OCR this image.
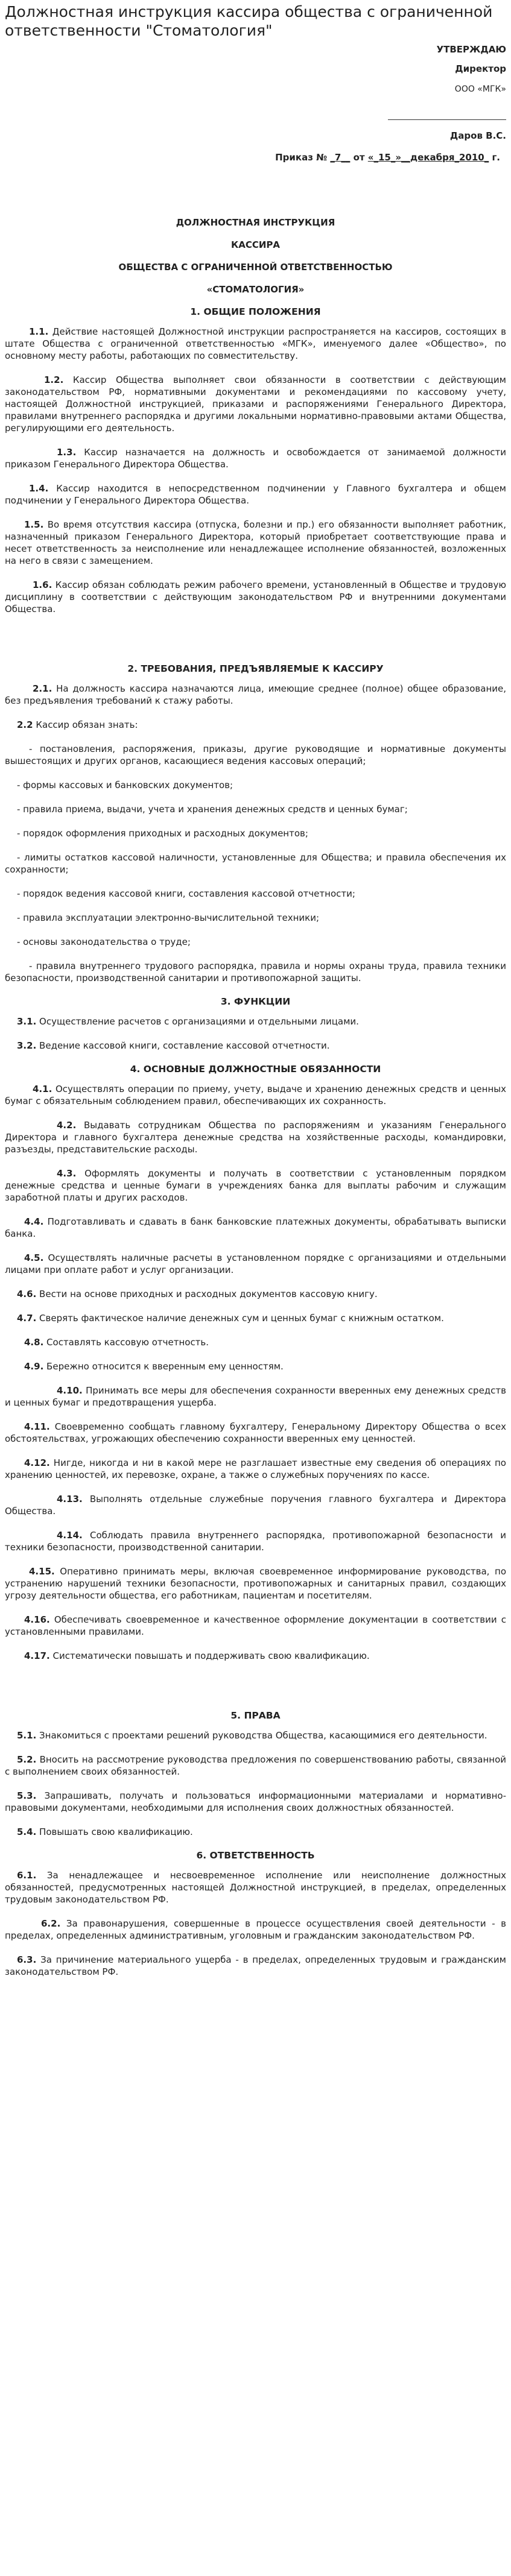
Должностная инструкция кассира общества с ограниченной ответственности "Стоматология"
УТВЕРЖДАЮ
Директор
ООО «МГК»
Даров В.С.
Приказ № _7__ от «_15_»__декабря_2010_ г.

ДОЛЖНОСТНАЯ ИНСТРУКЦИЯ

КАССИРА

ОБЩЕСТВА С ОГРАНИЧЕННОЙ ОТВЕТСТВЕННОСТЬЮ

«СТОМАТОЛОГИЯ»

1. ОБЩИЕ ПОЛОЖЕНИЯ

1.1. Действие настоящей Должностной инструкции распространяется на кассиров, состоящих в штате Общества с ограниченной ответственностью «МГК», именуемого далее «Общество», по основному месту работы, работающих по совместительству.

1.2. Кассир Общества выполняет свои обязанности в соответствии с действующим законодательством РФ, нормативными документами и рекомендациями по кассовому учету, настоящей Должностной инструкцией, приказами и распоряжениями Генерального Директора, правилами внутреннего распорядка и другими локальными нормативно-правовыми актами Общества, регулирующими его деятельность.

1.3. Кассир назначается на должность и освобождается от занимаемой должности приказом Генерального Директора Общества.

1.4. Кассир находится в непосредственном подчинении у Главного бухгалтера и общем подчинении у Генерального Директора Общества.

1.5. Во время отсутствия кассира (отпуска, болезни и пр.) его обязанности выполняет работник, назначенный приказом Генерального Директора, который приобретает соответствующие права и несет ответственность за неисполнение или ненадлежащее исполнение обязанностей, возложенных на него в связи с замещением.

1.6. Кассир обязан соблюдать режим рабочего времени, установленный в Обществе и трудовую дисциплину в соответствии с действующим законодательством РФ и внутренними документами Общества.

2. ТРЕБОВАНИЯ, ПРЕДЪЯВЛЯЕМЫЕ К КАССИРУ

2.1. На должность кассира назначаются лица, имеющие среднее (полное) общее образование, без предъявления требований к стажу работы.

2.2 Кассир обязан знать:

- постановления, распоряжения, приказы, другие руководящие и нормативные документы вышестоящих и других органов, касающиеся ведения кассовых операций;

- формы кассовых и банковских документов;

- правила приема, выдачи, учета и хранения денежных средств и ценных бумаг;

- порядок оформления приходных и расходных документов;

- лимиты остатков кассовой наличности, установленные для Общества; и правила обеспечения их сохранности;

- порядок ведения кассовой книги, составления кассовой отчетности;

- правила эксплуатации электронно-вычислительной техники;

- основы законодательства о труде;

- правила внутреннего трудового распорядка, правила и нормы охраны труда, правила техники безопасности, производственной санитарии и противопожарной защиты.

3. ФУНКЦИИ

3.1. Осуществление расчетов с организациями и отдельными лицами.

3.2. Ведение кассовой книги, составление кассовой отчетности.

4. ОСНОВНЫЕ ДОЛЖНОСТНЫЕ ОБЯЗАННОСТИ

4.1. Осуществлять операции по приему, учету, выдаче и хранению денежных средств и ценных бумаг с обязательным соблюдением правил, обеспечивающих их сохранность.

4.2. Выдавать сотрудникам Общества по распоряжениям и указаниям Генерального Директора и главного бухгалтера денежные средства на хозяйственные расходы, командировки, разъезды, представительские расходы.

4.3. Оформлять документы и получать в соответствии с установленным порядком денежные средства и ценные бумаги в учреждениях банка для выплаты рабочим и служащим заработной платы и других расходов.

4.4. Подготавливать и сдавать в банк банковские платежных документы, обрабатывать выписки банка.

4.5. Осуществлять наличные расчеты в установленном порядке с организациями и отдельными лицами при оплате работ и услуг организации.

4.6. Вести на основе приходных и расходных документов кассовую книгу.

4.7. Сверять фактическое наличие денежных сум и ценных бумаг с книжным остатком.

4.8. Составлять кассовую отчетность.

4.9. Бережно относится к вверенным ему ценностям.

4.10. Принимать все меры для обеспечения сохранности вверенных ему денежных средств и ценных бумаг и предотвращения ущерба.

4.11. Своевременно сообщать главному бухгалтеру, Генеральному Директору Общества о всех обстоятельствах, угрожающих обеспечению сохранности вверенных ему ценностей.

4.12. Нигде, никогда и ни в какой мере не разглашает известные ему сведения об операциях по хранению ценностей, их перевозке, охране, а также о служебных поручениях по кассе.

4.13. Выполнять отдельные служебные поручения главного бухгалтера и Директора Общества.

4.14. Соблюдать правила внутреннего распорядка, противопожарной безопасности и техники безопасности, производственной санитарии.

4.15. Оперативно принимать меры, включая своевременное информирование руководства, по устранению нарушений техники безопасности, противопожарных и санитарных правил, создающих угрозу деятельности общества, его работникам, пациентам и посетителям.

4.16. Обеспечивать своевременное и качественное оформление документации в соответствии с установленными правилами.

4.17. Систематически повышать и поддерживать свою квалификацию.

5. ПРАВА

5.1. Знакомиться с проектами решений руководства Общества, касающимися его деятельности.

5.2. Вносить на рассмотрение руководства предложения по совершенствованию работы, связанной с выполнением своих обязанностей.

5.3. Запрашивать, получать и пользоваться информационными материалами и нормативно-правовыми документами, необходимыми для исполнения своих должностных обязанностей.

5.4. Повышать свою квалификацию.

6. ОТВЕТСТВЕННОСТЬ

6.1. За ненадлежащее и несвоевременное исполнение или неисполнение должностных обязанностей, предусмотренных настоящей Должностной инструкцией, в пределах, определенных трудовым законодательством РФ.

6.2. За правонарушения, совершенные в процессе осуществления своей деятельности - в пределах, определенных административным, уголовным и гражданским законодательством РФ.

6.3. За причинение материального ущерба - в пределах, определенных трудовым и гражданским законодательством РФ.
